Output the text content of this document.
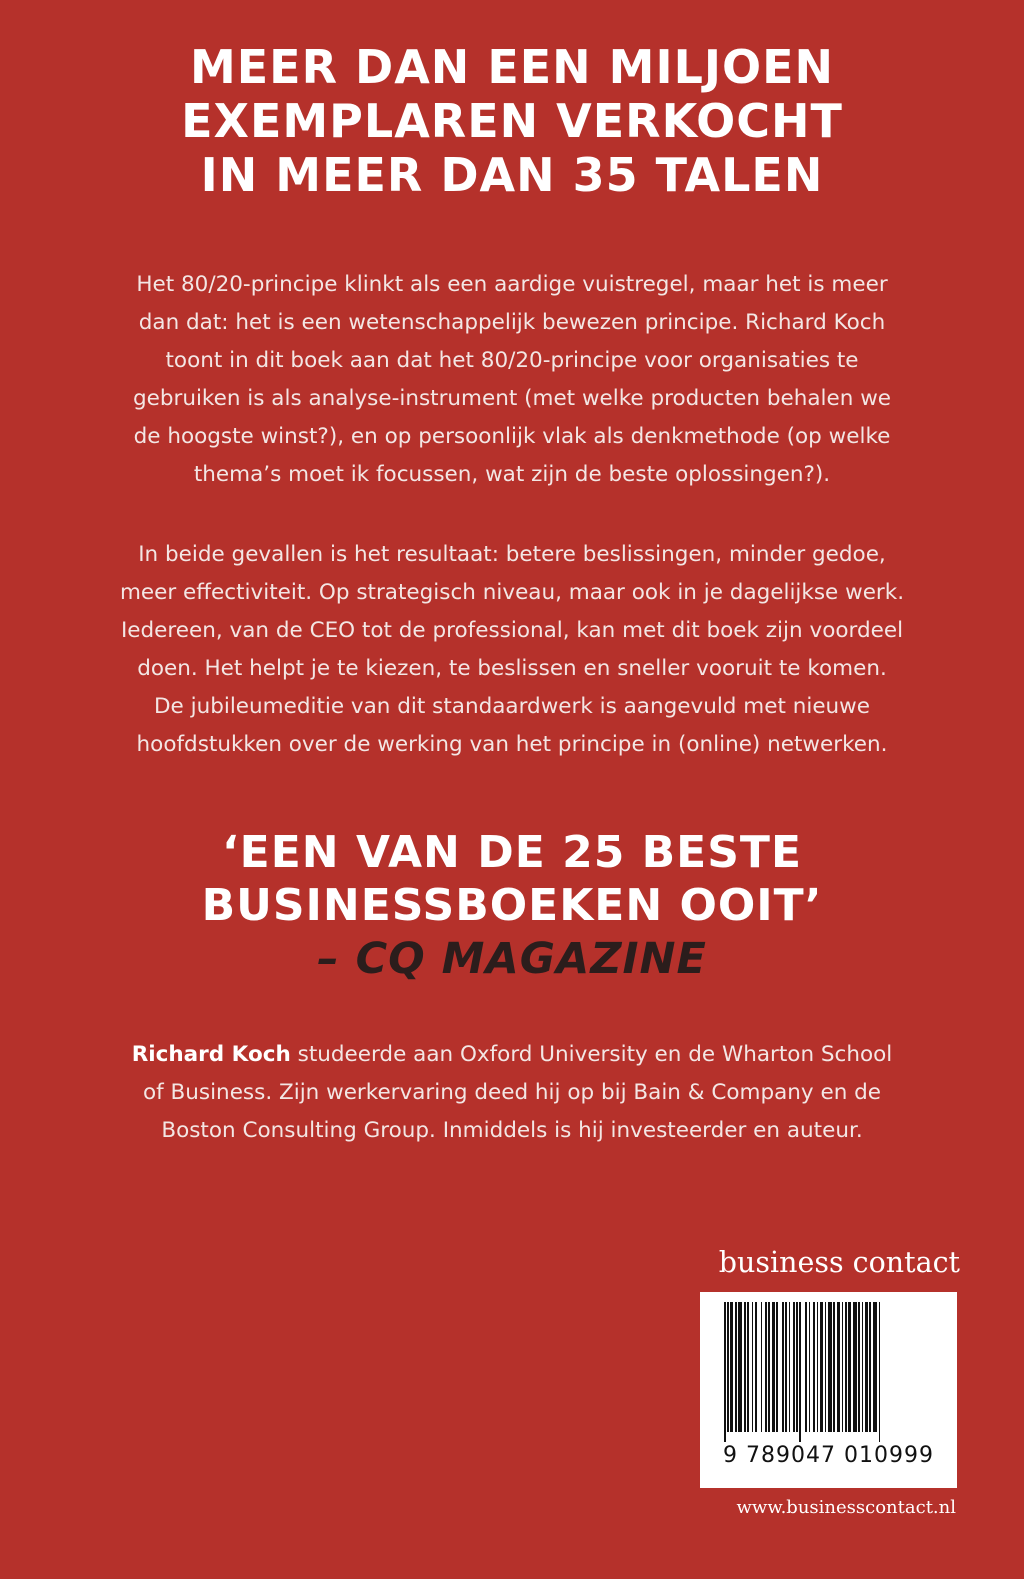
MEER DAN EEN MILJOEN
EXEMPLAREN VERKOCHT
IN MEER DAN 35 TALEN

Het 80/20-principe klinkt als een aardige vuistregel, maar het is meer
dan dat: het is een wetenschappelijk bewezen principe. Richard Koch
toont in dit boek aan dat het 80/20-principe voor organisaties te
gebruiken is als analyse-instrument (met welke producten behalen we
de hoogste winst?), en op persoonlijk vlak als denkmethode (op welke
thema’s moet ik focussen, wat zijn de beste oplossingen?).

In beide gevallen is het resultaat: betere beslissingen, minder gedoe,
meer effectiviteit. Op strategisch niveau, maar ook in je dagelijkse werk.
Iedereen, van de CEO tot de professional, kan met dit boek zijn voordeel
doen. Het helpt je te kiezen, te beslissen en sneller vooruit te komen.
De jubileumeditie van dit standaardwerk is aangevuld met nieuwe
hoofdstukken over de werking van het principe in (online) netwerken.

‘EEN VAN DE 25 BESTE
BUSINESSBOEKEN OOIT’

– CQ MAGAZINE

Richard Koch studeerde aan Oxford University en de Wharton School
of Business. Zijn werkervaring deed hij op bij Bain & Company en de
Boston Consulting Group. Inmiddels is hij investeerder en auteur.

business contact

9 789047 010999

www.businesscontact.nl
